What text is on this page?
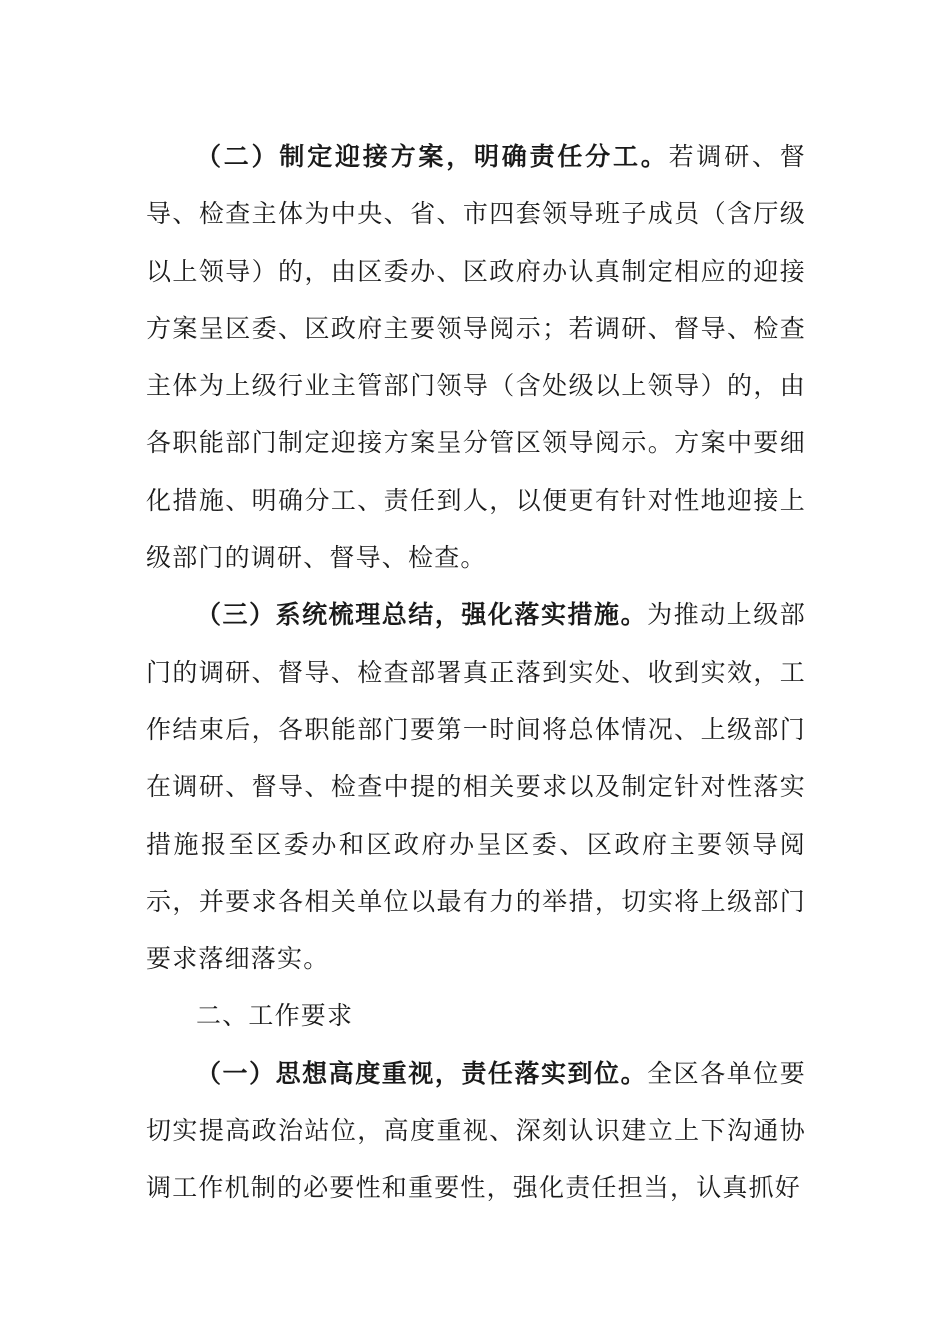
（二）制定迎接方案，明确责任分工。若调研、督导、检查主体为中央、省、市四套领导班子成员（含厅级以上领导）的，由区委办、区政府办认真制定相应的迎接方案呈区委、区政府主要领导阅示；若调研、督导、检查主体为上级行业主管部门领导（含处级以上领导）的，由各职能部门制定迎接方案呈分管区领导阅示。方案中要细化措施、明确分工、责任到人，以便更有针对性地迎接上级部门的调研、督导、检查。

（三）系统梳理总结，强化落实措施。为推动上级部门的调研、督导、检查部署真正落到实处、收到实效，工作结束后，各职能部门要第一时间将总体情况、上级部门在调研、督导、检查中提的相关要求以及制定针对性落实措施报至区委办和区政府办呈区委、区政府主要领导阅示，并要求各相关单位以最有力的举措，切实将上级部门要求落细落实。

二、工作要求

（一）思想高度重视，责任落实到位。全区各单位要切实提高政治站位，高度重视、深刻认识建立上下沟通协调工作机制的必要性和重要性，强化责任担当，认真抓好
